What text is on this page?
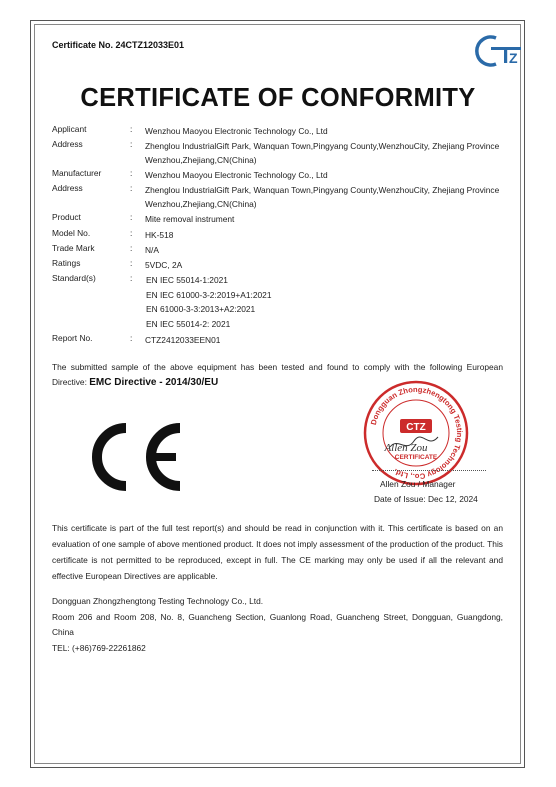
Certificate No. 24CTZ12033E01
Z
CERTIFICATE OF CONFORMITY
Applicant	: Wenzhou Maoyou Electronic Technology Co., Ltd
Address	: Zhenglou IndustrialGift Park, Wanquan Town,Pingyang County,WenzhouCity, Zhejiang Province Wenzhou,Zhejiang,CN(China)
Manufacturer	: Wenzhou Maoyou Electronic Technology Co., Ltd
Address	: Zhenglou IndustrialGift Park, Wanquan Town,Pingyang County,WenzhouCity, Zhejiang Province Wenzhou,Zhejiang,CN(China)
Product	: Mite removal instrument
Model No.	: HK-518
Trade Mark	: N/A
Ratings	: 5VDC, 2A
Standard(s)	: EN IEC 55014-1:2021
EN IEC 61000-3-2:2019+A1:2021
EN 61000-3-3:2013+A2:2021
EN IEC 55014-2: 2021
Report No.	: CTZ2412033EEN01
The submitted sample of the above equipment has been tested and found to comply with the following European Directive: EMC Directive - 2014/30/EU
Dongguan Zhongzhengtong Testing Technology Co., Ltd.
CTZ
CERTIFICATE
Allen Zou
Allen Zou / Manager
Date of Issue: Dec 12, 2024
This certificate is part of the full test report(s) and should be read in conjunction with it. This certificate is based on an evaluation of one sample of above mentioned product. It does not imply assessment of the production of the product. This certificate is not permitted to be reproduced, except in full. The CE marking may only be used if all the relevant and effective European Directives are applicable.
Dongguan Zhongzhengtong Testing Technology Co., Ltd.
Room 206 and Room 208, No. 8, Guancheng Section, Guanlong Road, Guancheng Street, Dongguan, Guangdong, China
TEL: (+86)769-22261862
